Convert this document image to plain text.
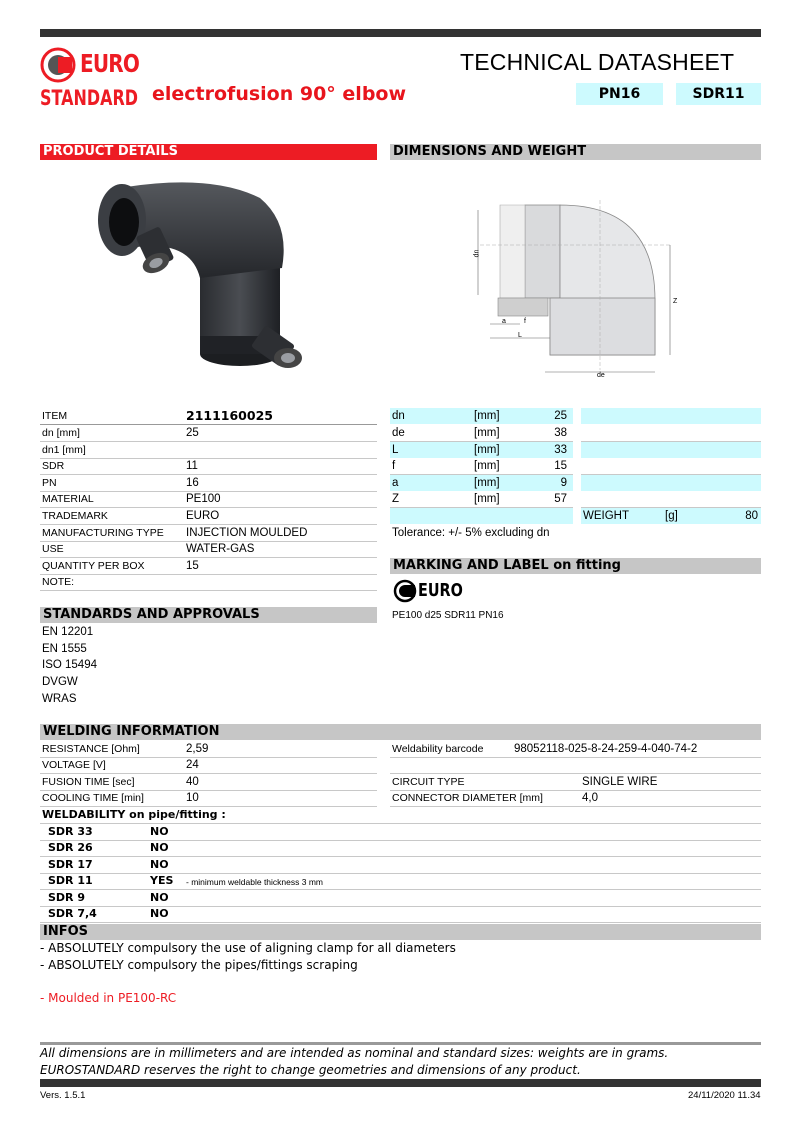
EURO
STANDARD
TECHNICAL DATASHEET
electrofusion 90° elbow	PN16	SDR11
PRODUCT DETAILS	DIMENSIONS AND WEIGHT
dn
Z
a	f
L
de
ITEM	2111160025
dn [mm]	25
dn1 [mm]
SDR	11
PN	16
MATERIAL	PE100
TRADEMARK	EURO
MANUFACTURING TYPE INJECTION MOULDED
USE	WATER-GAS
QUANTITY PER BOX	15
NOTE:
dn	[mm]	25
de	[mm]	38
L	[mm]	33
f	[mm]	15
a	[mm]	9
Z	[mm]	57
WEIGHT	[g]	80
Tolerance: +/- 5% excluding dn
MARKING AND LABEL on fitting
EURO
PE100 d25 SDR11 PN16
STANDARDS AND APPROVALS
EN 12201
EN 1555
ISO 15494
DVGW
WRAS
WELDING INFORMATION
RESISTANCE [Ohm]	2,59
VOLTAGE [V]	24
FUSION TIME [sec]	40
COOLING TIME [min]	10
Weldability barcode	98052118-025-8-24-259-4-040-74-2
CIRCUIT TYPE	SINGLE WIRE
CONNECTOR DIAMETER [mm]	4,0
WELDABILITY on pipe/fitting :
SDR 33	NO
SDR 26	NO
SDR 17	NO
SDR 11	YES - minimum weldable thickness 3 mm
SDR 9	NO
SDR 7,4	NO
INFOS
- ABSOLUTELY compulsory the use of aligning clamp for all diameters
- ABSOLUTELY compulsory the pipes/fittings scraping
- Moulded in PE100-RC
All dimensions are in millimeters and are intended as nominal and standard sizes: weights are in grams.
EUROSTANDARD reserves the right to change geometries and dimensions of any product.
Vers. 1.5.1	24/11/2020 11.34
